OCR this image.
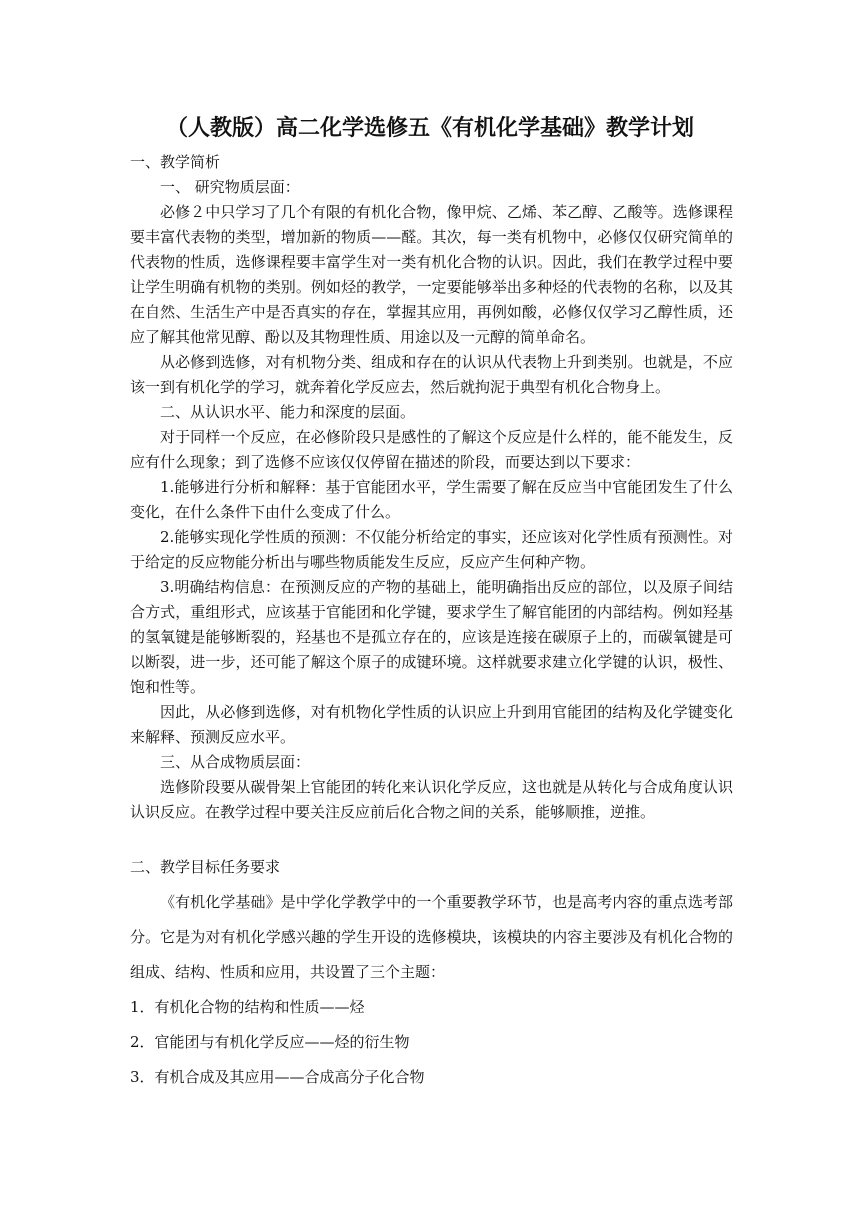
（人教版）高二化学选修五《有机化学基础》教学计划

一、教学简析

一、 研究物质层面：

必修２中只学习了几个有限的有机化合物，像甲烷、乙烯、苯乙醇、乙酸等。选修课程要丰富代表物的类型，增加新的物质——醛。其次，每一类有机物中，必修仅仅研究简单的代表物的性质，选修课程要丰富学生对一类有机化合物的认识。因此，我们在教学过程中要让学生明确有机物的类别。例如烃的教学，一定要能够举出多种烃的代表物的名称，以及其在自然、生活生产中是否真实的存在，掌握其应用，再例如酸，必修仅仅学习乙醇性质，还应了解其他常见醇、酚以及其物理性质、用途以及一元醇的简单命名。

从必修到选修，对有机物分类、组成和存在的认识从代表物上升到类别。也就是，不应该一到有机化学的学习，就奔着化学反应去，然后就拘泥于典型有机化合物身上。

二、从认识水平、能力和深度的层面。

对于同样一个反应，在必修阶段只是感性的了解这个反应是什么样的，能不能发生，反应有什么现象；到了选修不应该仅仅停留在描述的阶段，而要达到以下要求：

1.能够进行分析和解释：基于官能团水平，学生需要了解在反应当中官能团发生了什么变化，在什么条件下由什么变成了什么。

2.能够实现化学性质的预测：不仅能分析给定的事实，还应该对化学性质有预测性。对于给定的反应物能分析出与哪些物质能发生反应，反应产生何种产物。

3.明确结构信息：在预测反应的产物的基础上，能明确指出反应的部位，以及原子间结合方式，重组形式，应该基于官能团和化学键，要求学生了解官能团的内部结构。例如羟基的氢氧键是能够断裂的，羟基也不是孤立存在的，应该是连接在碳原子上的，而碳氧键是可以断裂，进一步，还可能了解这个原子的成键环境。这样就要求建立化学键的认识，极性、饱和性等。

因此，从必修到选修，对有机物化学性质的认识应上升到用官能团的结构及化学键变化来解释、预测反应水平。

三、从合成物质层面：

选修阶段要从碳骨架上官能团的转化来认识化学反应，这也就是从转化与合成角度认识认识反应。在教学过程中要关注反应前后化合物之间的关系，能够顺推，逆推。

二、教学目标任务要求

《有机化学基础》是中学化学教学中的一个重要教学环节，也是高考内容的重点选考部分。它是为对有机化学感兴趣的学生开设的选修模块，该模块的内容主要涉及有机化合物的组成、结构、性质和应用，共设置了三个主题：

1．有机化合物的结构和性质——烃

2．官能团与有机化学反应——烃的衍生物

3．有机合成及其应用——合成高分子化合物
